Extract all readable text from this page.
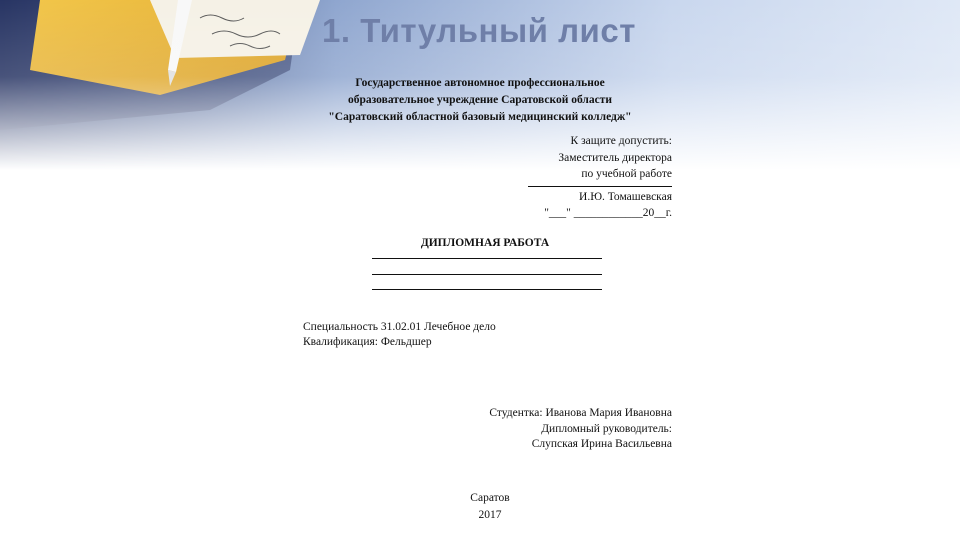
1. Титульный лист
Государственное автономное профессиональное
образовательное учреждение Саратовской области
"Саратовский областной базовый медицинский колледж"
К защите допустить:
Заместитель директора
по учебной работе
И.Ю. Томашевская
"___" ____________20__г.
ДИПЛОМНАЯ РАБОТА
Специальность 31.02.01 Лечебное дело
Квалификация: Фельдшер
Студентка: Иванова Мария Ивановна
Дипломный руководитель:
Слупская Ирина Васильевна
Саратов
2017
